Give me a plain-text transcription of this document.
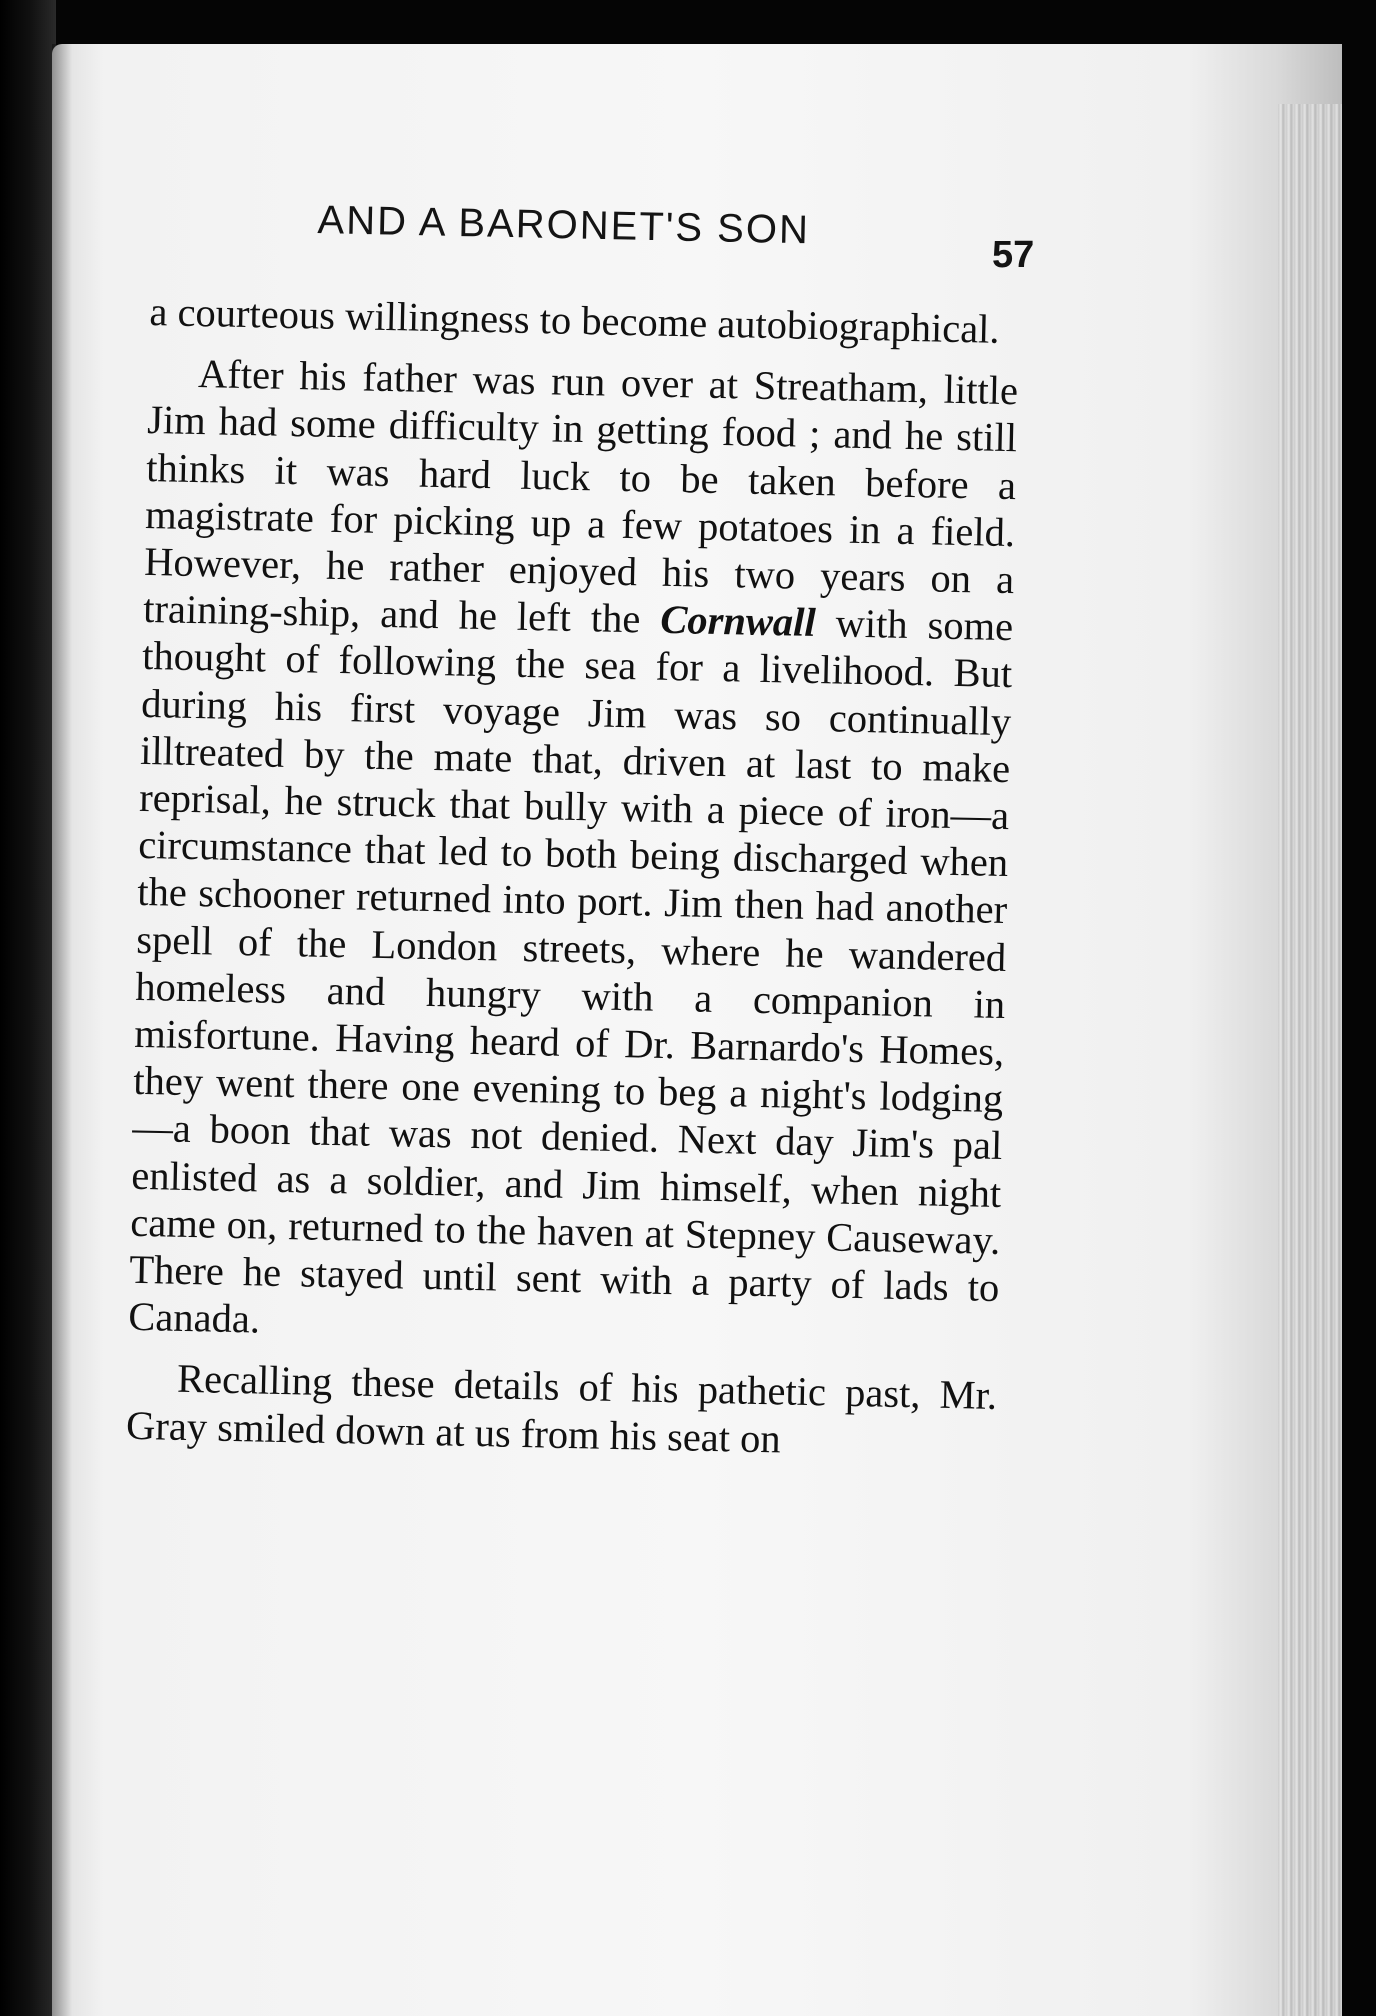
AND A BARONET'S SON
57

a courteous willingness to become autobiographical.

After his father was run over at Streatham, little Jim had some difficulty in getting food ; and he still thinks it was hard luck to be taken before a magistrate for picking up a few potatoes in a field. However, he rather enjoyed his two years on a training-ship, and he left the Cornwall with some thought of following the sea for a livelihood. But during his first voyage Jim was so continually illtreated by the mate that, driven at last to make reprisal, he struck that bully with a piece of iron—a circumstance that led to both being discharged when the schooner returned into port. Jim then had another spell of the London streets, where he wandered homeless and hungry with a companion in misfortune. Having heard of Dr. Barnardo's Homes, they went there one evening to beg a night's lodging —a boon that was not denied. Next day Jim's pal enlisted as a soldier, and Jim himself, when night came on, returned to the haven at Stepney Causeway. There he stayed until sent with a party of lads to Canada.

Recalling these details of his pathetic past, Mr. Gray smiled down at us from his seat on
